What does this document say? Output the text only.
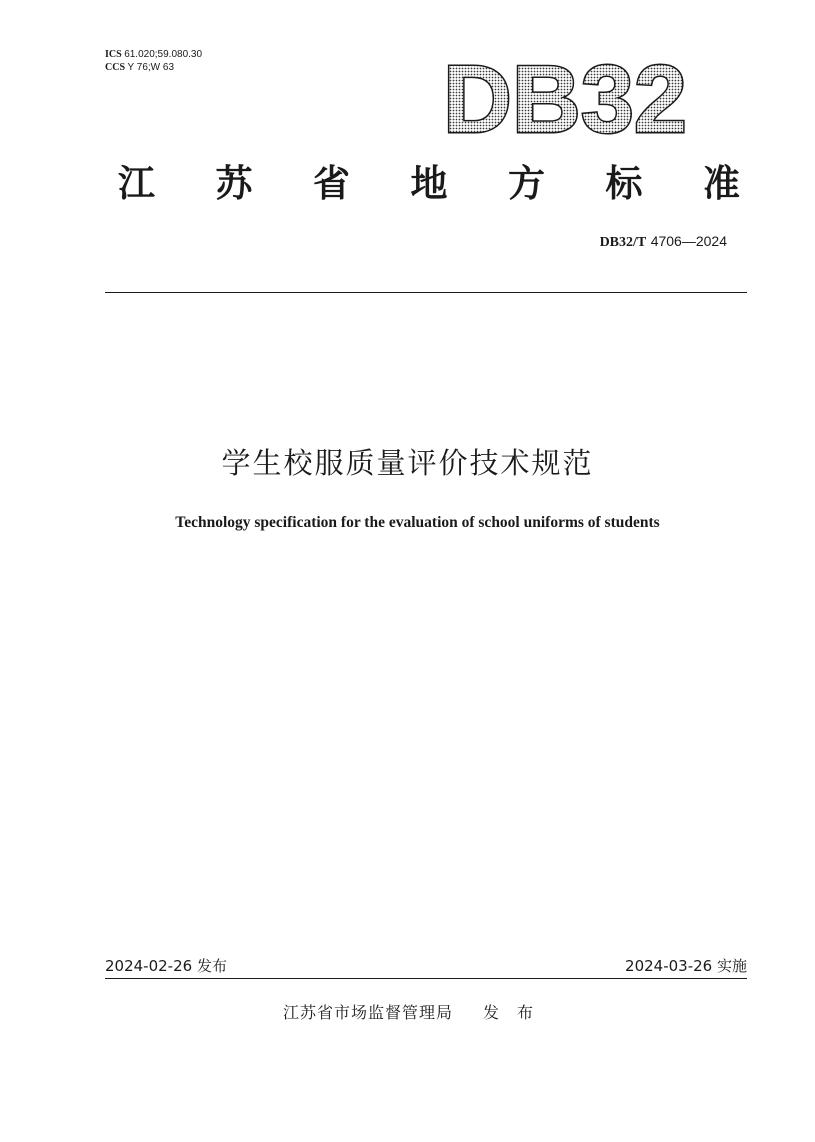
ICS 61.020;59.080.30
CCS Y 76;W 63	DB32
江 苏 省 地 方 标 准
DB32/T 4706—2024
学生校服质量评价技术规范
Technology specification for the evaluation of school uniforms of students
2024-02-26 发布	2024-03-26 实施
江苏省市场监督管理局 发布
